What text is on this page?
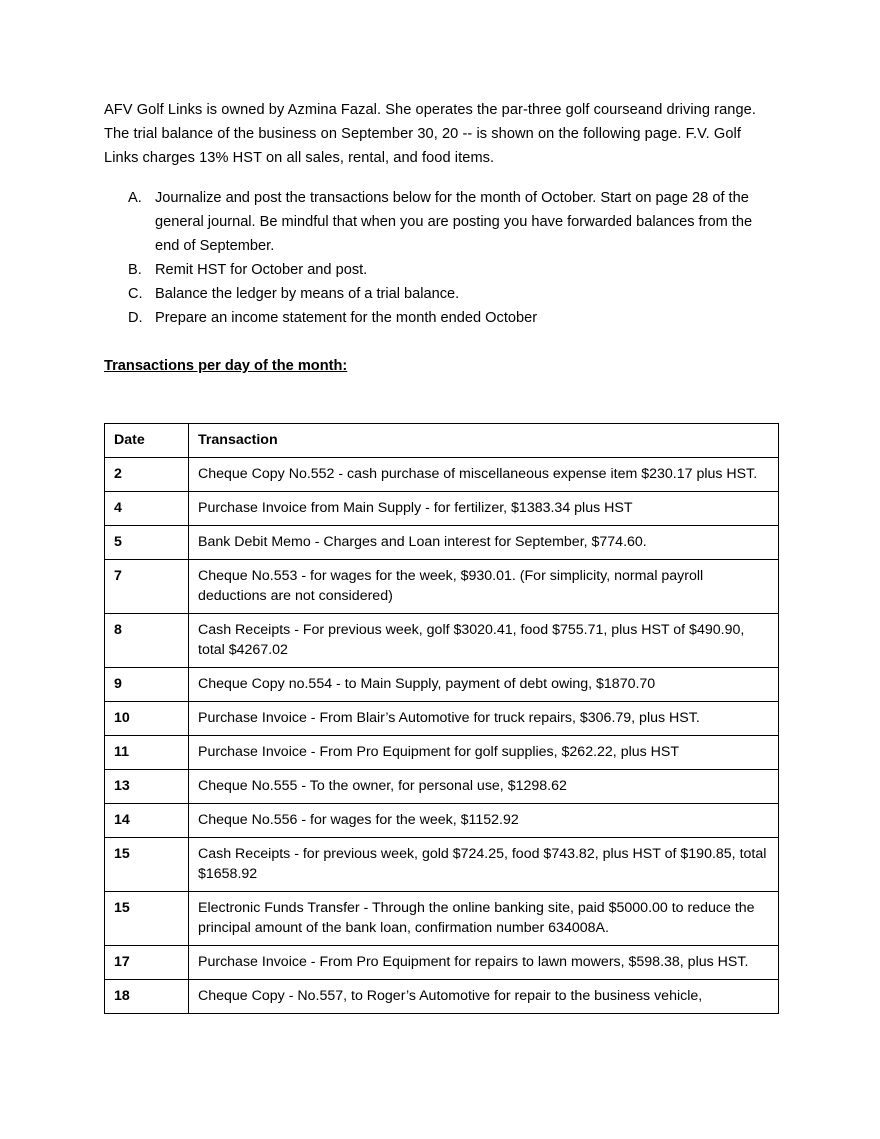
AFV Golf Links is owned by Azmina Fazal. She operates the par-three golf courseand driving range. The trial balance of the business on September 30, 20 -- is shown on the following page. F.V. Golf Links charges 13% HST on all sales, rental, and food items.

A. Journalize and post the transactions below for the month of October. Start on page 28 of the general journal. Be mindful that when you are posting you have forwarded balances from the end of September.
B. Remit HST for October and post.
C. Balance the ledger by means of a trial balance.
D. Prepare an income statement for the month ended October
Transactions per day of the month:
Date	Transaction
2	Cheque Copy No.552 - cash purchase of miscellaneous expense item $230.17 plus HST.
4	Purchase Invoice from Main Supply - for fertilizer, $1383.34 plus HST
5	Bank Debit Memo - Charges and Loan interest for September, $774.60.
7	Cheque No.553 - for wages for the week, $930.01. (For simplicity, normal payroll deductions are not considered)
8	Cash Receipts - For previous week, golf $3020.41, food $755.71, plus HST of $490.90, total $4267.02
9	Cheque Copy no.554 - to Main Supply, payment of debt owing, $1870.70
10	Purchase Invoice - From Blair’s Automotive for truck repairs, $306.79, plus HST.
11	Purchase Invoice - From Pro Equipment for golf supplies, $262.22, plus HST
13	Cheque No.555 - To the owner, for personal use, $1298.62
14	Cheque No.556 - for wages for the week, $1152.92
15	Cash Receipts - for previous week, gold $724.25, food $743.82, plus HST of $190.85, total $1658.92
15	Electronic Funds Transfer - Through the online banking site, paid $5000.00 to reduce the principal amount of the bank loan, confirmation number 634008A.
17	Purchase Invoice - From Pro Equipment for repairs to lawn mowers, $598.38, plus HST.
18	Cheque Copy - No.557, to Roger’s Automotive for repair to the business vehicle,
